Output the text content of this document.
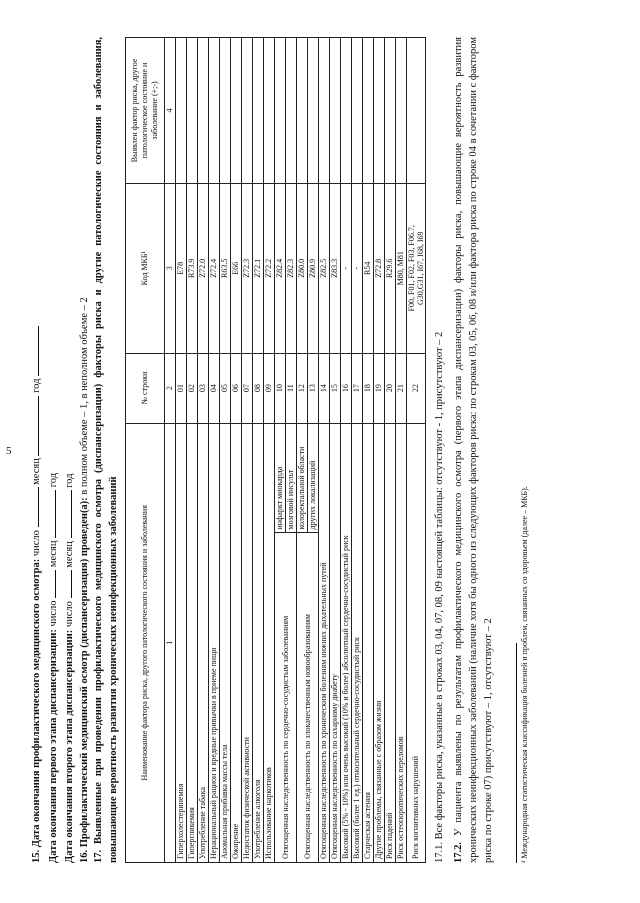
5
15. Дата окончания профилактического медицинского осмотра: число  месяц  год
Дата окончания первого этапа диспансеризации: число  месяц  год
Дата окончания второго этапа диспансеризации: число  месяц  год
16. Профилактический медицинский осмотр (диспансеризация) проведен(а): в полном объеме – 1, в неполном объеме – 2 17. Выявленные при проведении профилактического медицинского осмотра (диспансеризации) факторы риска и другие патологические состояния и заболевания, повышающие вероятность развития хронических неинфекционных заболеваний	Наименование фактора риска, другого патологического состояния и заболевания		№ строки	Код МКБ¹	Выявлен фактор риска, другое патологическое состояние и заболевание (+;-)
1		2	3	4
Гиперхолестеринемия		01	E78	
Гипергликемия		02	R73.9	
Употребление табака		03	Z72.0	
Нерациональный рацион и вредные привычки в приеме пищи		04	Z72.4	
Аномальная прибавка массы тела		05	R63.5	
Ожирение		06	E66	
Недостаток физической активности		07	Z72.3	
Употребление алкоголя		08	Z72.1	
Использование наркотиков		09	Z72.2	
Отягощенная наследственность по сердечно-сосудистым заболеваниям	инфаркт миокарда	10	Z82.4	
	мозговой инсульт	11	Z82.3	
Отягощенная наследственность по злокачественным новообразованиям	колоректальной области	12	Z80.0	
	других локализаций	13	Z80.9	
Отягощенная наследственность по хроническим болезням нижних дыхательных путей		14	Z82.5	
Отягощенная наследственность по сахарному диабету		15	Z83.3	
Высокий (5% - 10%) или очень высокий (10% и более) абсолютный сердечно-сосудистый риск		16	-	
Высокий (более 1 ед.) относительный сердечно-сосудистый риск		17	-	
Старческая астения		18	R54	
Другие проблемы, связанные с образом жизни		19	Z72.8	
Риск падений		20	R29.6	
Риск остеопоротических переломов		21	M80, M81	
Риск когнитивных нарушений		22	F00, F01, F02, F03, F06.7, G30,G31, I67, I68, I69	

17.1. Все факторы риска, указанные в строках 03, 04, 07, 08, 09 настоящей таблицы: отсутствуют - 1, присутствуют – 2 17.2. У пациента выявлены по результатам профилактического медицинского осмотра (первого этапа диспансеризации) факторы риска, повышающие вероятность развития хронических неинфекционных заболеваний (наличие хотя бы одного из следующих факторов риска: по строкам 03, 05, 06, 08 и/или фактора риска по строке 04 в сочетании с фактором риска по строке 07) присутствуют – 1, отсутствуют – 2	¹ Международная статистическая классификация болезней и проблем, связанных со здоровьем (далее – МКБ).
